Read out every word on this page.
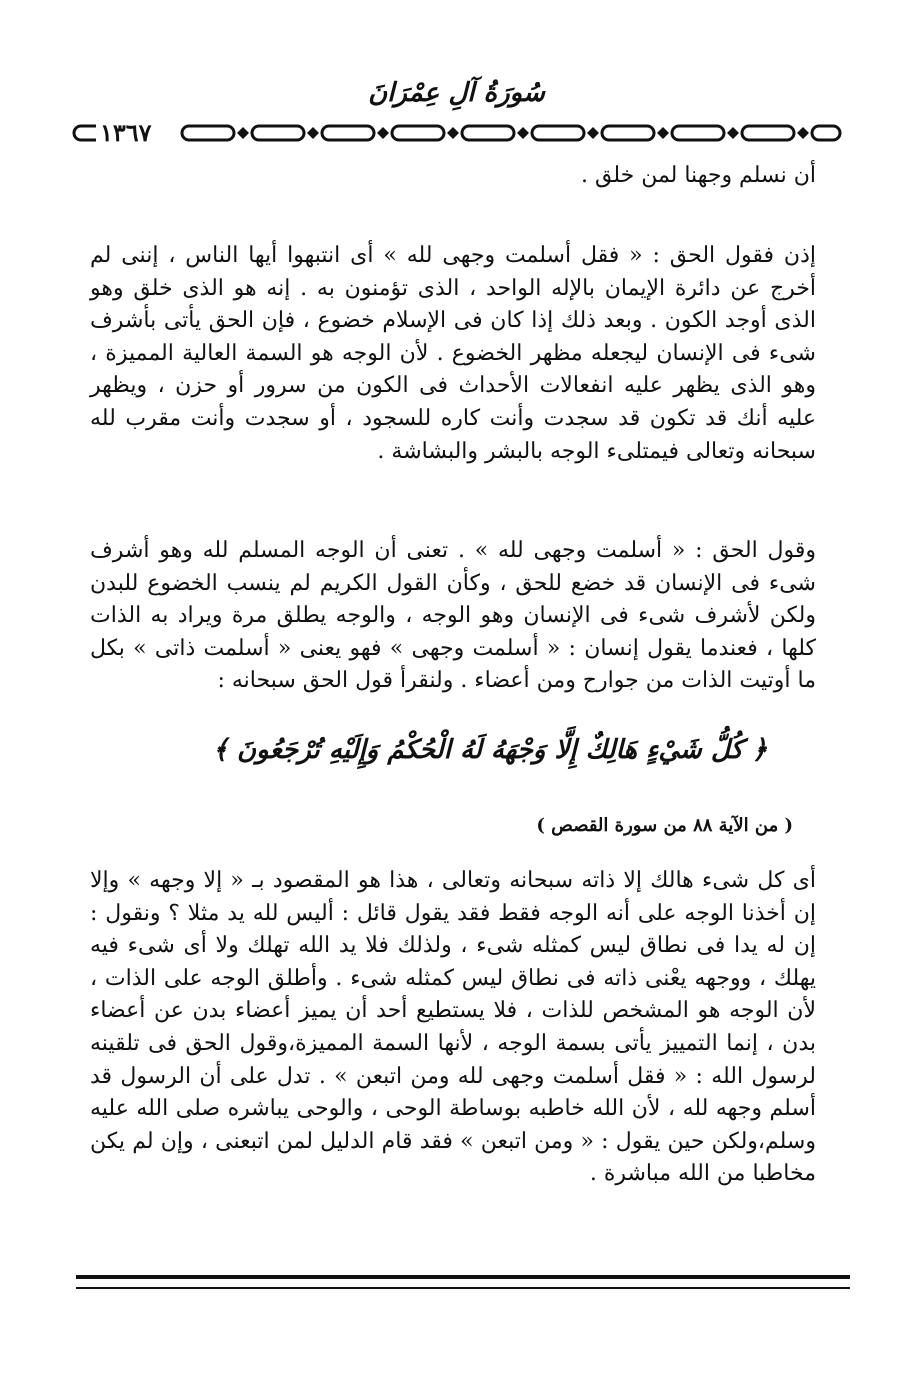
سُورَةُ آلِ عِمْرَانَ
١٣٦٧

أن نسلم وجهنا لمن خلق .

إذن فقول الحق : « فقل أسلمت وجهى لله » أى انتبهوا أيها الناس ، إننى لم أخرج عن دائرة الإيمان بالإله الواحد ، الذى تؤمنون به . إنه هو الذى خلق وهو الذى أوجد الكون . وبعد ذلك إذا كان فى الإسلام خضوع ، فإن الحق يأتى بأشرف شىء فى الإنسان ليجعله مظهر الخضوع . لأن الوجه هو السمة العالية المميزة ، وهو الذى يظهر عليه انفعالات الأحداث فى الكون من سرور أو حزن ، ويظهر عليه أنك قد تكون قد سجدت وأنت كاره للسجود ، أو سجدت وأنت مقرب لله سبحانه وتعالى فيمتلىء الوجه بالبشر والبشاشة .

وقول الحق : « أسلمت وجهى لله » . تعنى أن الوجه المسلم لله وهو أشرف شىء فى الإنسان قد خضع للحق ، وكأن القول الكريم لم ينسب الخضوع للبدن ولكن لأشرف شىء فى الإنسان وهو الوجه ، والوجه يطلق مرة ويراد به الذات كلها ، فعندما يقول إنسان : « أسلمت وجهى » فهو يعنى « أسلمت ذاتى » بكل ما أوتيت الذات من جوارح ومن أعضاء . ولنقرأ قول الحق سبحانه :

﴿ كُلُّ شَيْءٍ هَالِكٌ إِلَّا وَجْهَهُ لَهُ الْحُكْمُ وَإِلَيْهِ تُرْجَعُونَ ﴾
( من الآية ٨٨ من سورة القصص )

أى كل شىء هالك إلا ذاته سبحانه وتعالى ، هذا هو المقصود بـ « إلا وجهه » وإلا إن أخذنا الوجه على أنه الوجه فقط فقد يقول قائل : أليس لله يد مثلا ؟ ونقول : إن له يدا فى نطاق ليس كمثله شىء ، ولذلك فلا يد الله تهلك ولا أى شىء فيه يهلك ، ووجهه يعْنى ذاته فى نطاق ليس كمثله شىء . وأطلق الوجه على الذات ، لأن الوجه هو المشخص للذات ، فلا يستطيع أحد أن يميز أعضاء بدن عن أعضاء بدن ، إنما التمييز يأتى بسمة الوجه ، لأنها السمة المميزة،وقول الحق فى تلقينه لرسول الله : « فقل أسلمت وجهى لله ومن اتبعن » . تدل على أن الرسول قد أسلم وجهه لله ، لأن الله خاطبه بوساطة الوحى ، والوحى يباشره صلى الله عليه وسلم،ولكن حين يقول : « ومن اتبعن » فقد قام الدليل لمن اتبعنى ، وإن لم يكن مخاطبا من الله مباشرة .
